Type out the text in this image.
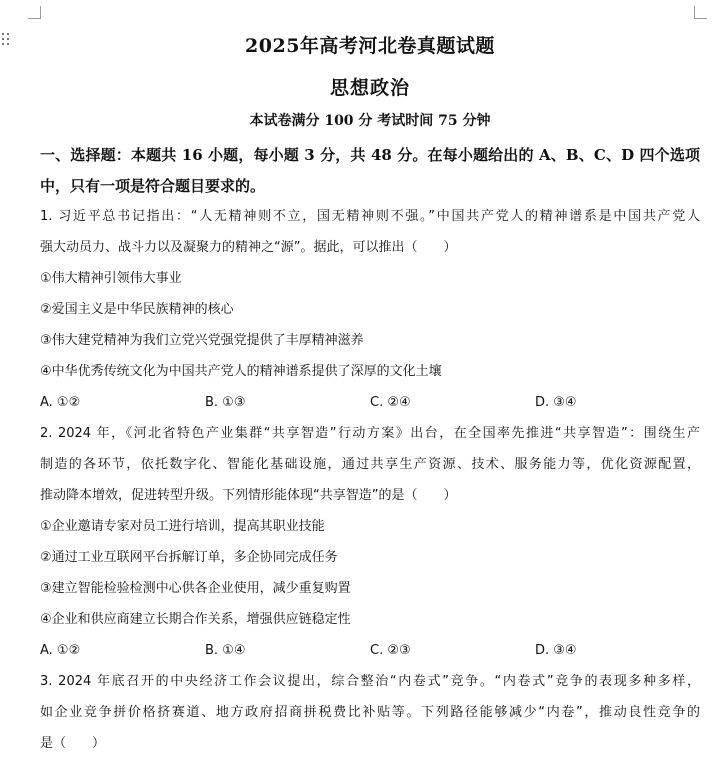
2025年高考河北卷真题试题
思想政治
本试卷满分 100 分 考试时间 75 分钟
一、选择题：本题共 16 小题，每小题 3 分，共 48 分。在每小题给出的 A、B、C、D 四个选项
中，只有一项是符合题目要求的。
1. 习近平总书记指出：“人无精神则不立，国无精神则不强。”中国共产党人的精神谱系是中国共产党人
强大动员力、战斗力以及凝聚力的精神之“源”。据此，可以推出（　　）
①伟大精神引领伟大事业
②爱国主义是中华民族精神的核心
③伟大建党精神为我们立党兴党强党提供了丰厚精神滋养
④中华优秀传统文化为中国共产党人的精神谱系提供了深厚的文化土壤
A. ①②	B. ①③	C. ②④	D. ③④
2. 2024 年，《河北省特色产业集群“共享智造”行动方案》出台，在全国率先推进“共享智造”：围绕生产
制造的各环节，依托数字化、智能化基础设施，通过共享生产资源、技术、服务能力等，优化资源配置，
推动降本增效，促进转型升级。下列情形能体现“共享智造”的是（　　）
①企业邀请专家对员工进行培训，提高其职业技能
②通过工业互联网平台拆解订单，多企协同完成任务
③建立智能检验检测中心供各企业使用，减少重复购置
④企业和供应商建立长期合作关系，增强供应链稳定性
A. ①②	B. ①④	C. ②③	D. ③④
3. 2024 年底召开的中央经济工作会议提出，综合整治“内卷式”竞争。“内卷式”竞争的表现多种多样，
如企业竞争拼价格挤赛道、地方政府招商拼税费比补贴等。下列路径能够减少“内卷”，推动良性竞争的
是（　　）
